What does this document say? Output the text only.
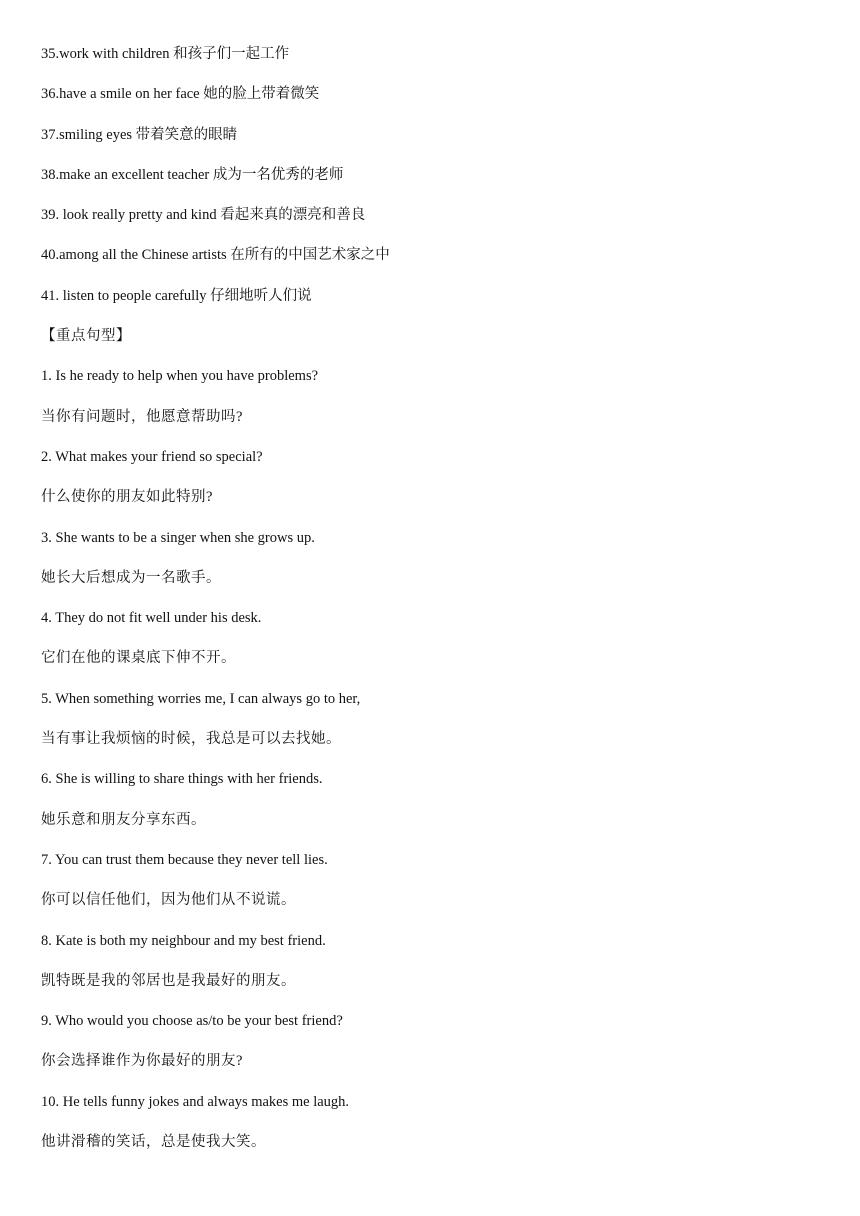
35.work with children 和孩子们一起工作
36.have a smile on her face 她的脸上带着微笑
37.smiling eyes 带着笑意的眼睛
38.make an excellent teacher 成为一名优秀的老师
39. look really pretty and kind 看起来真的漂亮和善良
40.among all the Chinese artists 在所有的中国艺术家之中
41. listen to people carefully 仔细地听人们说
【重点句型】
1. Is he ready to help when you have problems?
当你有问题时，他愿意帮助吗?
2. What makes your friend so special?
什么使你的朋友如此特别?
3. She wants to be a singer when she grows up.
她长大后想成为一名歌手。
4. They do not fit well under his desk.
它们在他的课桌底下伸不开。
5. When something worries me, I can always go to her,
当有事让我烦恼的时候，我总是可以去找她。
6. She is willing to share things with her friends.
她乐意和朋友分享东西。
7. You can trust them because they never tell lies.
你可以信任他们，因为他们从不说谎。
8. Kate is both my neighbour and my best friend.
凯特既是我的邻居也是我最好的朋友。
9. Who would you choose as/to be your best friend?
你会选择谁作为你最好的朋友?
10. He tells funny jokes and always makes me laugh.
他讲滑稽的笑话，总是使我大笑。
